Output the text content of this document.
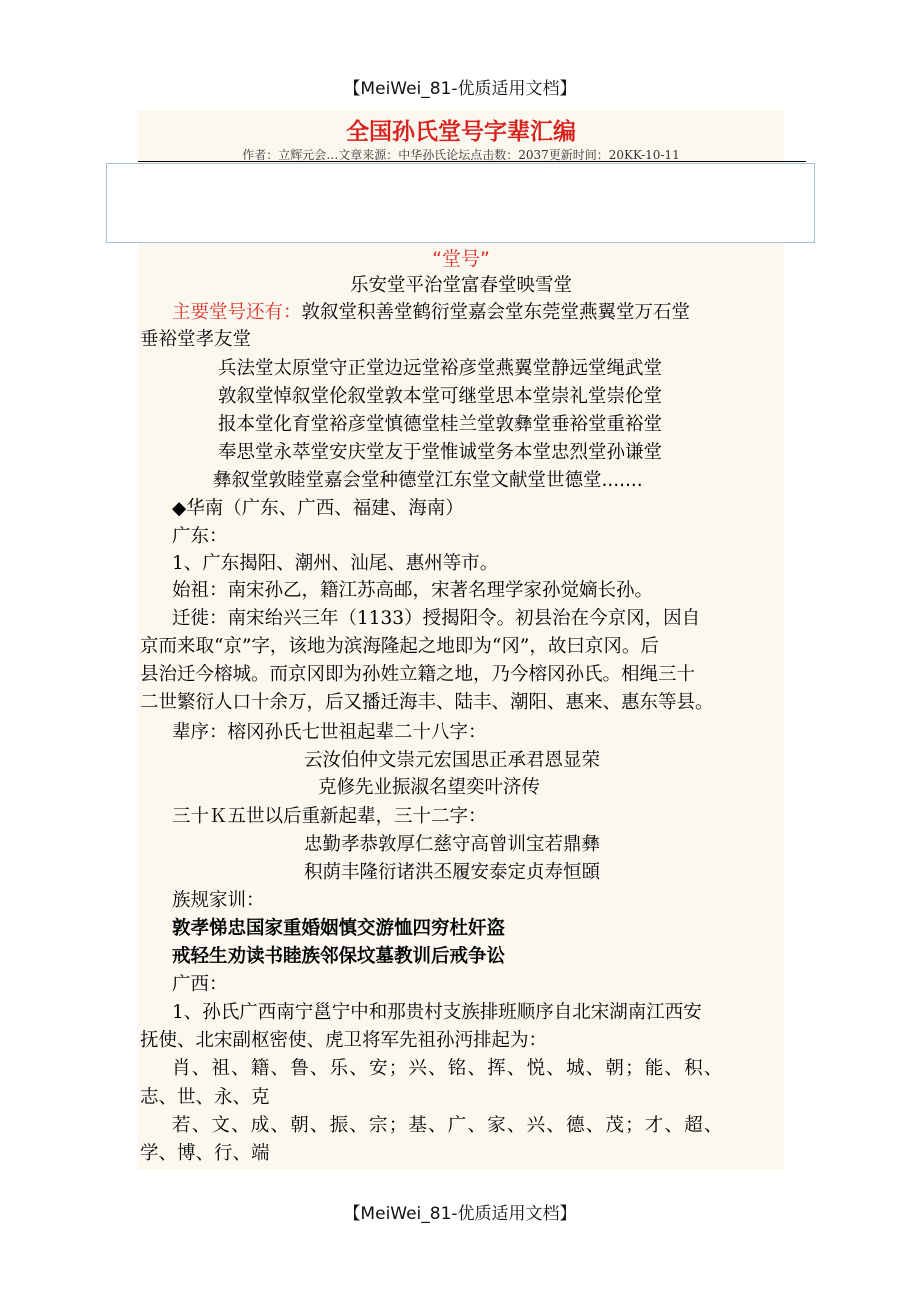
【MeiWei_81-优质适用文档】
全国孙氏堂号字辈汇编
作者：立辉元会…文章来源：中华孙氏论坛点击数：2037更新时间：20KK-10-11
“堂号”
乐安堂平治堂富春堂映雪堂
主要堂号还有：敦叙堂积善堂鹤衍堂嘉会堂东莞堂燕翼堂万石堂
垂裕堂孝友堂
兵法堂太原堂守正堂边远堂裕彦堂燕翼堂静远堂绳武堂
敦叙堂悼叙堂伦叙堂敦本堂可继堂思本堂崇礼堂崇伦堂
报本堂化育堂裕彦堂慎德堂桂兰堂敦彝堂垂裕堂重裕堂
奉思堂永萃堂安庆堂友于堂惟诚堂务本堂忠烈堂孙谦堂
彝叙堂敦睦堂嘉会堂种德堂江东堂文献堂世德堂.......
◆华南（广东、广西、福建、海南）
广东：
1、广东揭阳、潮州、汕尾、惠州等市。
始祖：南宋孙乙，籍江苏高邮，宋著名理学家孙觉嫡长孙。
迁徙：南宋绐兴三年（1133）授揭阳令。初县治在今京冈，因自
京而来取“京”字，该地为滨海隆起之地即为“冈”，故曰京冈。后
县治迁今榕城。而京冈即为孙姓立籍之地，乃今榕冈孙氏。相绳三十
二世繁衍人口十余万，后又播迁海丰、陆丰、潮阳、惠来、惠东等县。
辈序：榕冈孙氏七世祖起辈二十八字：
云汝伯仲文崇元宏国思正承君恩显荣
克修先业振淑名望奕叶济传
三十Ｋ五世以后重新起辈，三十二字：
忠勤孝恭敦厚仁慈守高曾训宝若鼎彝
积荫丰隆衍诸洪丕履安泰定贞寿恒頣
族规家训：
敦孝悌忠国家重婚姻慎交游恤四穷杜奸盗
戒轻生劝读书睦族邻保坟墓教训后戒争讼
广西：
1、孙氏广西南宁邕宁中和那贵村支族排班顺序自北宋湖南江西安
抚使、北宋副枢密使、虎卫将军先祖孙沔排起为：
肖、祖、籍、鲁、乐、安；兴、铭、挥、悦、城、朝；能、积、
志、世、永、克
若、文、成、朝、振、宗；基、广、家、兴、德、茂；才、超、
学、博、行、端
【MeiWei_81-优质适用文档】
